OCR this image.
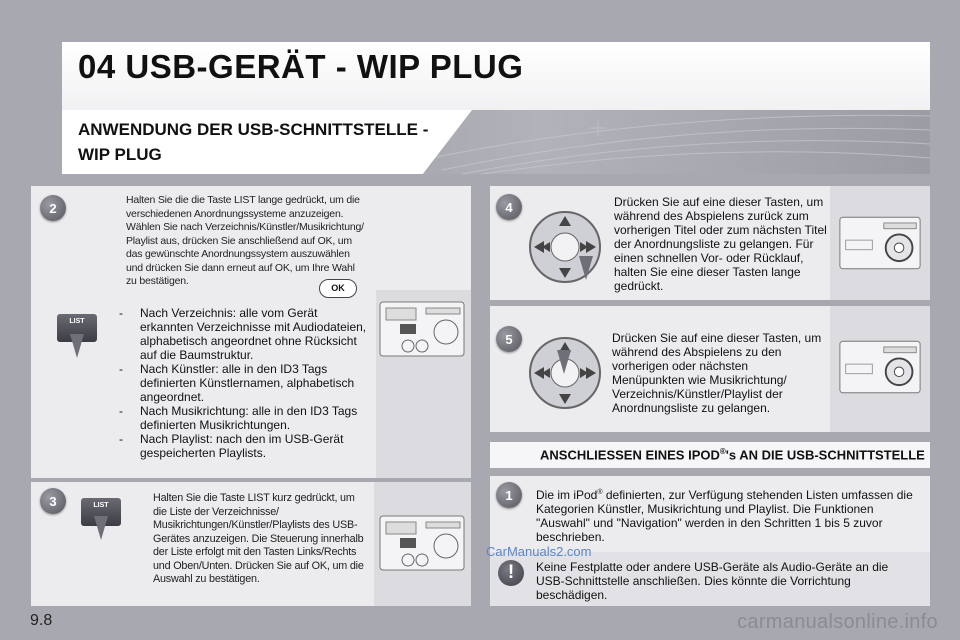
04 USB-GERÄT - WIP PLUG
ANWENDUNG DER USB-SCHNITTSTELLE -
WIP PLUG
2
Halten Sie die die Taste LIST lange gedrückt, um die verschiedenen Anordnungssysteme anzuzeigen. Wählen Sie nach Verzeichnis/Künstler/Musikrichtung/ Playlist aus, drücken Sie anschließend auf OK, um das gewünschte Anordnungssystem auszuwählen und drücken Sie dann erneut auf OK, um Ihre Wahl zu bestätigen.
OK
LIST
- Nach Verzeichnis: alle vom Gerät erkannten Verzeichnisse mit Audiodateien, alphabetisch angeordnet ohne Rücksicht auf die Baumstruktur.
- Nach Künstler: alle in den ID3 Tags definierten Künstlernamen, alphabetisch angeordnet.
- Nach Musikrichtung: alle in den ID3 Tags definierten Musikrichtungen.
- Nach Playlist: nach den im USB-Gerät gespeicherten Playlists.
3	LIST
Halten Sie die Taste LIST kurz gedrückt, um die Liste der Verzeichnisse/ Musikrichtungen/Künstler/Playlists des USB-Gerätes anzuzeigen. Die Steuerung innerhalb der Liste erfolgt mit den Tasten Links/Rechts und Oben/Unten. Drücken Sie auf OK, um die Auswahl zu bestätigen.
4	Drücken Sie auf eine dieser Tasten, um während des Abspielens zurück zum vorherigen Titel oder zum nächsten Titel der Anordnungsliste zu gelangen. Für einen schnellen Vor- oder Rücklauf, halten Sie eine dieser Tasten lange gedrückt.
5	Drücken Sie auf eine dieser Tasten, um während des Abspielens zu den vorherigen oder nächsten Menüpunkten wie Musikrichtung/ Verzeichnis/Künstler/Playlist der Anordnungsliste zu gelangen.
ANSCHLIESSEN EINES IPOD®'s AN DIE USB-SCHNITTSTELLE
1	Die im iPod® definierten, zur Verfügung stehenden Listen umfassen die Kategorien Künstler, Musikrichtung und Playlist. Die Funktionen "Auswahl" und "Navigation" werden in den Schritten 1 bis 5 zuvor beschrieben.
!	Keine Festplatte oder andere USB-Geräte als Audio-Geräte an die USB-Schnittstelle anschließen. Dies könnte die Vorrichtung beschädigen.
CarManuals2.com
carmanualsonline.info
9.8
